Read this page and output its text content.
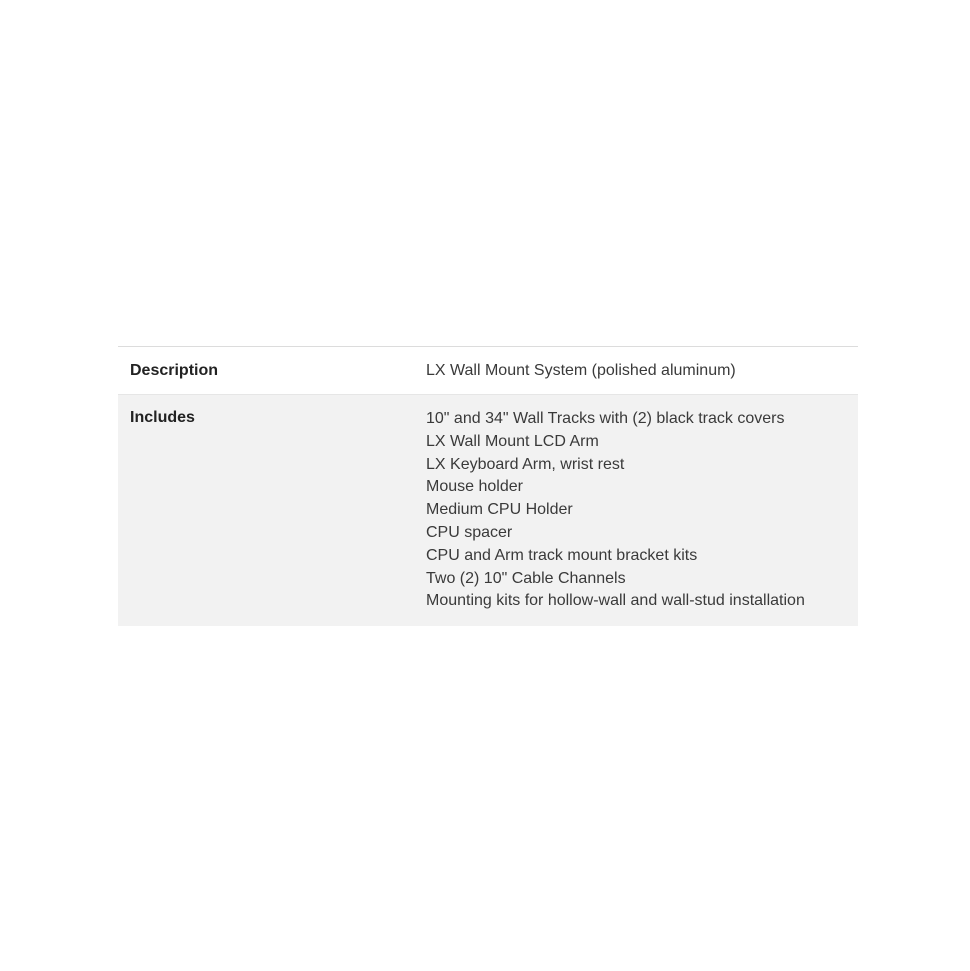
Description	LX Wall Mount System (polished aluminum)
Includes	10" and 34" Wall Tracks with (2) black track covers
LX Wall Mount LCD Arm
LX Keyboard Arm, wrist rest
Mouse holder
Medium CPU Holder
CPU spacer
CPU and Arm track mount bracket kits
Two (2) 10" Cable Channels
Mounting kits for hollow-wall and wall-stud installation
